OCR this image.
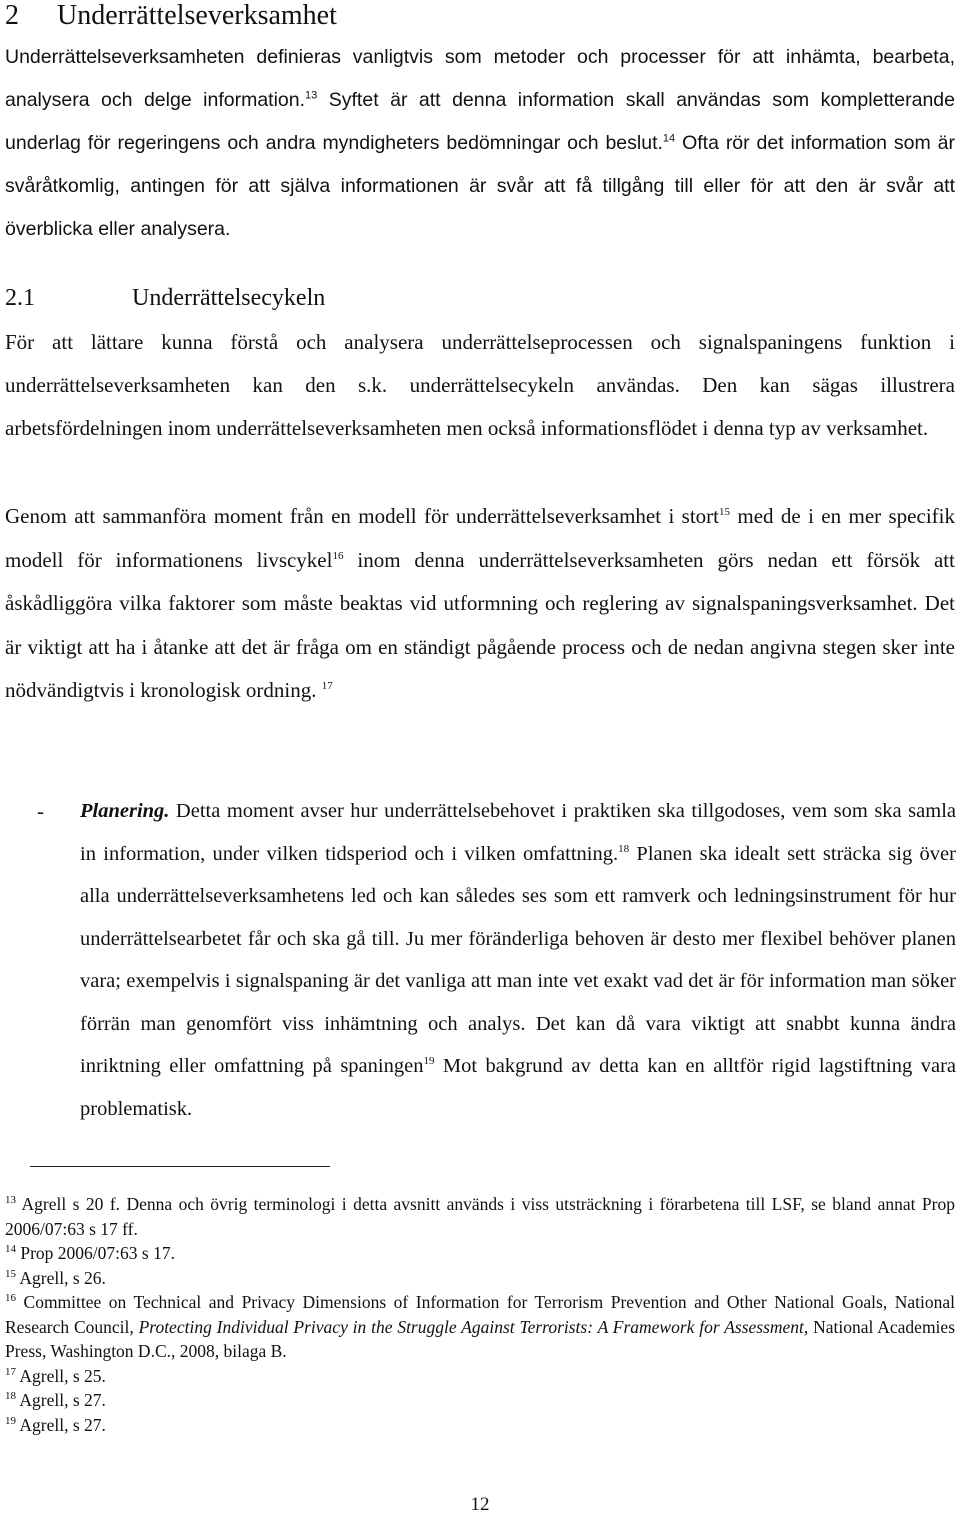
2 Underrättelseverksamhet
Underrättelseverksamheten definieras vanligtvis som metoder och processer för att inhämta, bearbeta, analysera och delge information.$^{13}$ Syftet är att denna information skall användas som kompletterande underlag för regeringens och andra myndigheters bedömningar och beslut.$^{14}$ Ofta rör det information som är svåråtkomlig, antingen för att själva informationen är svår att få tillgång till eller för att den är svår att överblicka eller analysera.
2.1	Underrättelsecykeln
För att lättare kunna förstå och analysera underrättelseprocessen och signalspaningens funktion i underrättelseverksamheten kan den s.k. underrättelsecykeln användas. Den kan sägas illustrera arbetsfördelningen inom underrättelseverksamheten men också informationsflödet i denna typ av verksamhet.
Genom att sammanföra moment från en modell för underrättelseverksamhet i stort$^{15}$ med de i en mer specifik modell för informationens livscykel$^{16}$ inom denna underrättelseverksamheten görs nedan ett försök att åskådliggöra vilka faktorer som måste beaktas vid utformning och reglering av signalspaningsverksamhet. Det är viktigt att ha i åtanke att det är fråga om en ständigt pågående process och de nedan angivna stegen sker inte nödvändigtvis i kronologisk ordning. $^{17}$
- Planering. Detta moment avser hur underrättelsebehovet i praktiken ska tillgodoses, vem som ska samla in information, under vilken tidsperiod och i vilken omfattning.$^{18}$ Planen ska idealt sett sträcka sig över alla underrättelseverksamhetens led och kan således ses som ett ramverk och ledningsinstrument för hur underrättelsearbetet får och ska gå till. Ju mer föränderliga behoven är desto mer flexibel behöver planen vara; exempelvis i signalspaning är det vanliga att man inte vet exakt vad det är för information man söker förrän man genomfört viss inhämtning och analys. Det kan då vara viktigt att snabbt kunna ändra inriktning eller omfattning på spaningen$^{19}$ Mot bakgrund av detta kan en alltför rigid lagstiftning vara problematisk.
$^{13}$ Agrell s 20 f. Denna och övrig terminologi i detta avsnitt används i viss utsträckning i förarbetena till LSF, se bland annat Prop 2006/07:63 s 17 ff.
$^{14}$ Prop 2006/07:63 s 17.
$^{15}$ Agrell, s 26.
$^{16}$ Committee on Technical and Privacy Dimensions of Information for Terrorism Prevention and Other National Goals, National Research Council, Protecting Individual Privacy in the Struggle Against Terrorists: A Framework for Assessment, National Academies Press, Washington D.C., 2008, bilaga B.
$^{17}$ Agrell, s 25.
$^{18}$ Agrell, s 27.
$^{19}$ Agrell, s 27.
12
